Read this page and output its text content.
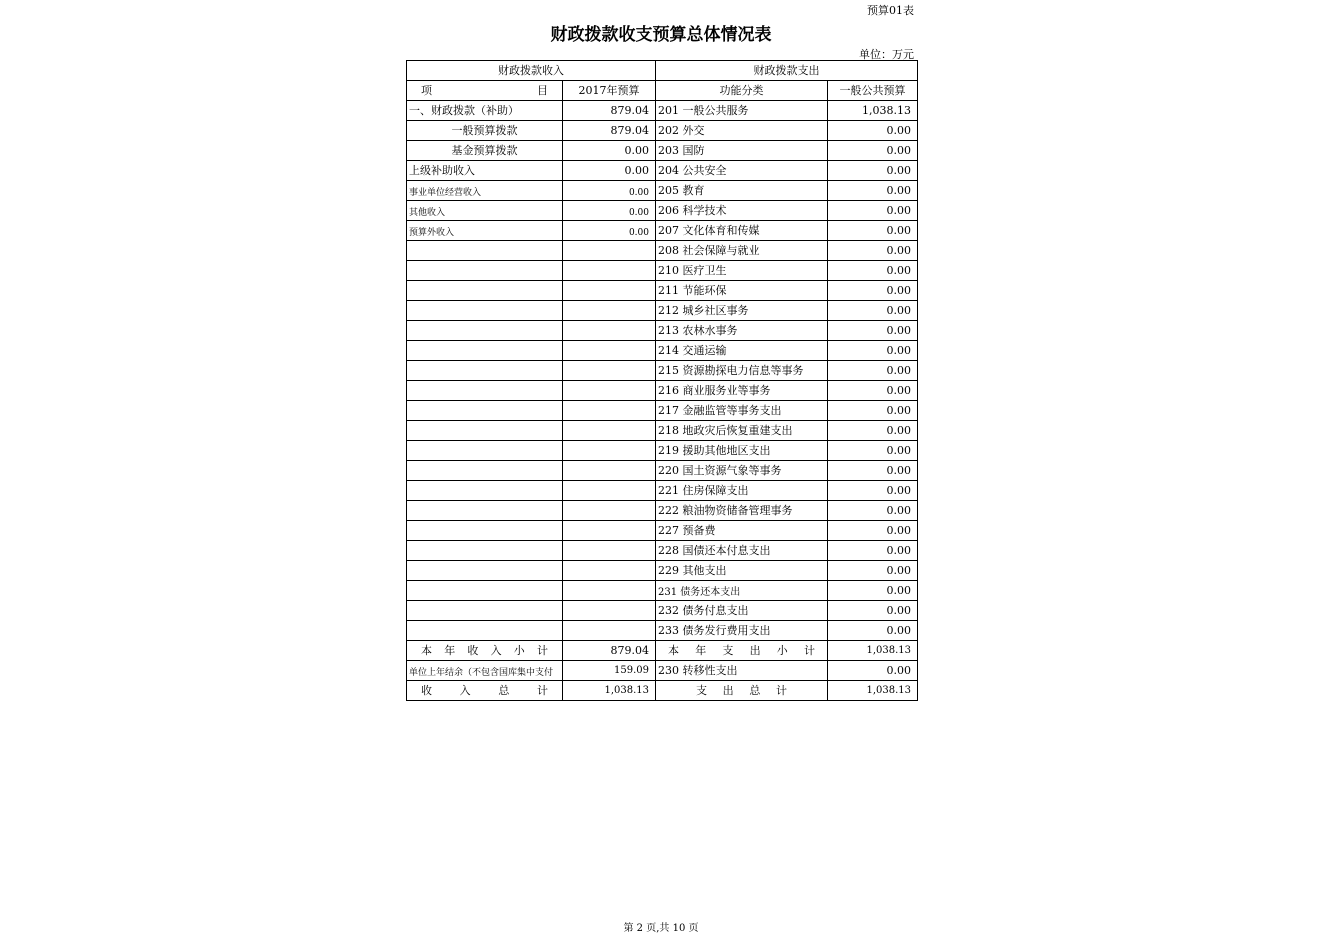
预算01表
财政拨款收支预算总体情况表
单位：万元
财政拨款收入		财政拨款支出	
项 目	2017年预算	功能分类	一般公共预算
一、财政拨款（补助）	879.04	201 一般公共服务	1,038.13
一般预算拨款	879.04	202 外交	0.00
基金预算拨款	0.00	203 国防	0.00
上级补助收入	0.00	204 公共安全	0.00
事业单位经营收入	0.00	205 教育	0.00
其他收入	0.00	206 科学技术	0.00
预算外收入	0.00	207 文化体育和传媒	0.00
		208 社会保障与就业	0.00
		210 医疗卫生	0.00
		211 节能环保	0.00
		212 城乡社区事务	0.00
		213 农林水事务	0.00
		214 交通运输	0.00
		215 资源勘探电力信息等事务	0.00
		216 商业服务业等事务	0.00
		217 金融监管等事务支出	0.00
		218 地政灾后恢复重建支出	0.00
		219 援助其他地区支出	0.00
		220 国土资源气象等事务	0.00
		221 住房保障支出	0.00
		222 粮油物资储备管理事务	0.00
		227 预备费	0.00
		228 国债还本付息支出	0.00
		229 其他支出	0.00
		231 债务还本支出	0.00
		232 债务付息支出	0.00
		233 债务发行费用支出	0.00
本年收入小计	879.04	本年支出小计	1,038.13
单位上年结余（不包含国库集中支付	159.09	230 转移性支出	0.00
收入总计	1,038.13	支出总计	1,038.13
第 2 页,共 10 页
